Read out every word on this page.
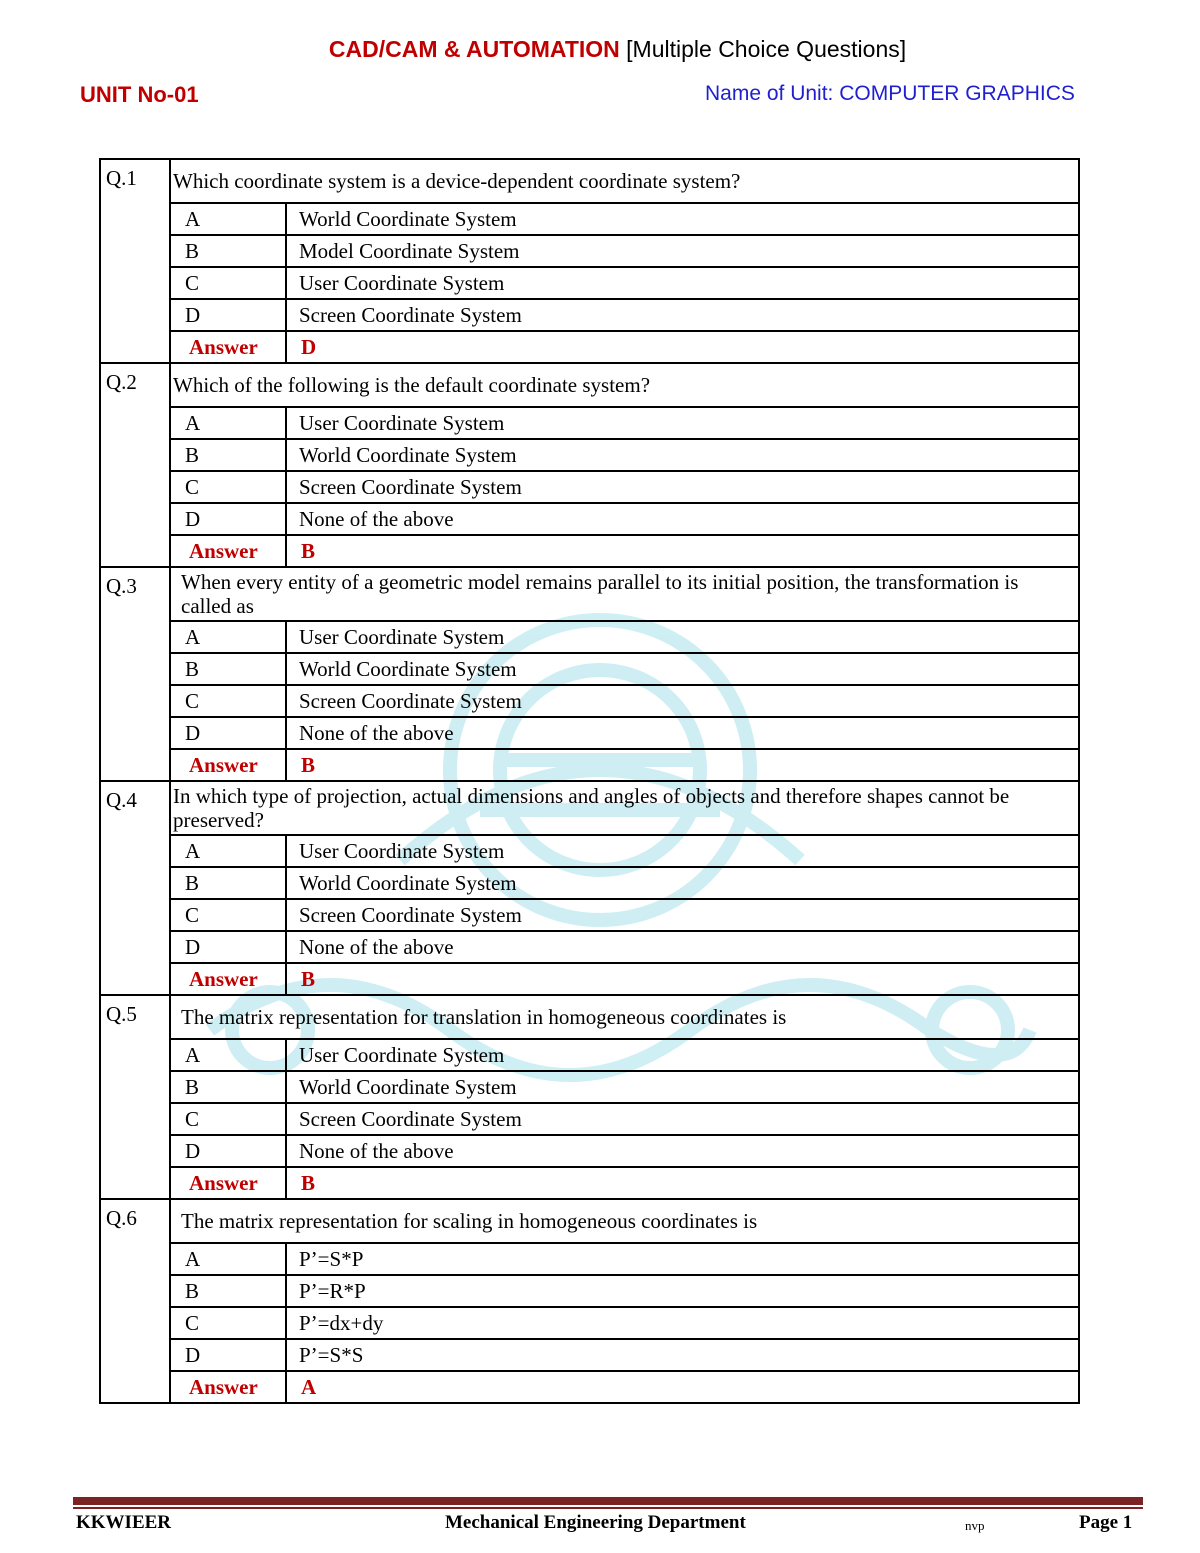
CAD/CAM & AUTOMATION [Multiple Choice Questions]
UNIT No-01	Name of Unit: COMPUTER GRAPHICS
Q.1	Which coordinate system is a device-dependent coordinate system?	
	A	World Coordinate System
	B	Model Coordinate System
	C	User Coordinate System
	D	Screen Coordinate System
	Answer	D
Q.2	Which of the following is the default coordinate system?	
	A	User Coordinate System
	B	World Coordinate System
	C	Screen Coordinate System
	D	None of the above
	Answer	B
Q.3	When every entity of a geometric model remains parallel to its initial position, the transformation is called as	
	A	User Coordinate System
	B	World Coordinate System
	C	Screen Coordinate System
	D	None of the above
	Answer	B
Q.4	In which type of projection, actual dimensions and angles of objects and therefore shapes cannot be preserved?	
	A	User Coordinate System
	B	World Coordinate System
	C	Screen Coordinate System
	D	None of the above
	Answer	B
Q.5	The matrix representation for translation in homogeneous coordinates is	
	A	User Coordinate System
	B	World Coordinate System
	C	Screen Coordinate System
	D	None of the above
	Answer	B
Q.6	The matrix representation for scaling in homogeneous coordinates is	
	A	P’=S*P
	B	P’=R*P
	C	P’=dx+dy
	D	P’=S*S
	Answer	A
KKWIEER	Mechanical Engineering Department	nvp	Page 1
